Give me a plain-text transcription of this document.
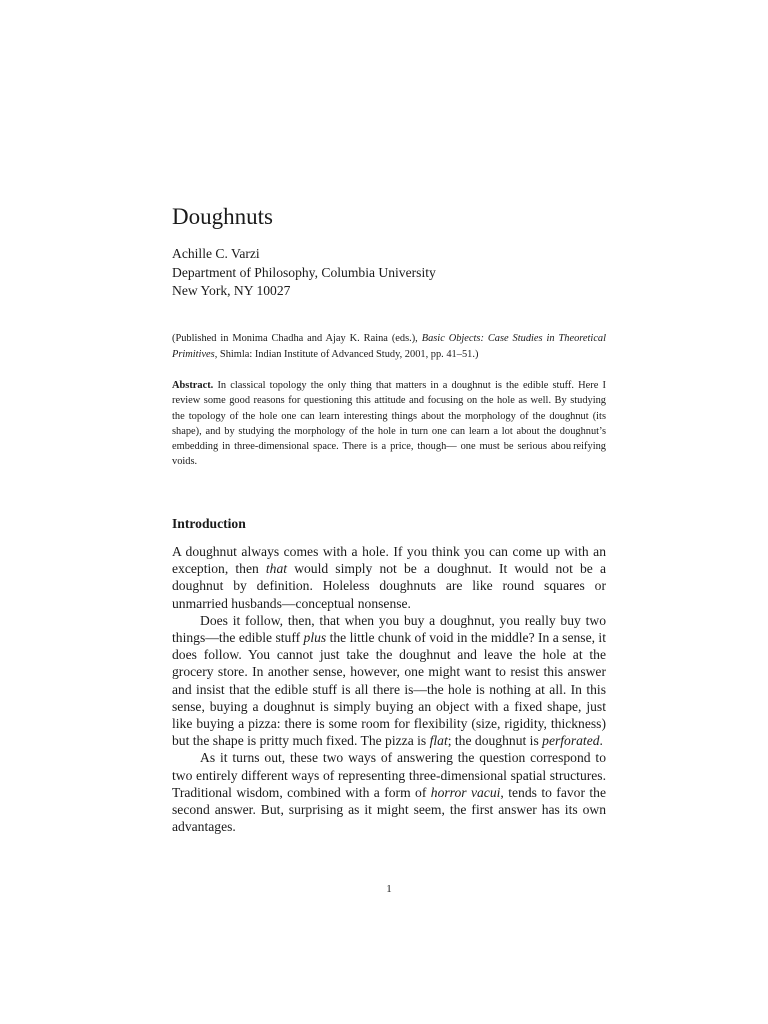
Doughnuts
Achille C. Varzi
Department of Philosophy, Columbia University
New York, NY 10027
(Published in Monima Chadha and Ajay K. Raina (eds.), Basic Objects: Case Studies in Theoretical Primitives, Shimla: Indian Institute of Advanced Study, 2001, pp. 41–51.)
Abstract. In classical topology the only thing that matters in a doughnut is the edible stuff. Here I review some good reasons for questioning this attitude and focusing on the hole as well. By studying the topology of the hole one can learn interesting things about the morphology of the doughnut (its shape), and by studying the morphology of the hole in turn one can learn a lot about the doughnut’s embedding in three-dimensional space. There is a price, though— one must be serious abou reifying voids.
Introduction

A doughnut always comes with a hole. If you think you can come up with an exception, then that would simply not be a doughnut. It would not be a doughnut by definition. Holeless doughnuts are like round squares or unmarried husbands—conceptual nonsense.

Does it follow, then, that when you buy a doughnut, you really buy two things—the edible stuff plus the little chunk of void in the middle? In a sense, it does follow. You cannot just take the doughnut and leave the hole at the grocery store. In another sense, however, one might want to resist this answer and insist that the edible stuff is all there is—the hole is nothing at all. In this sense, buying a doughnut is simply buying an object with a fixed shape, just like buying a pizza: there is some room for flexibility (size, rigidity, thickness) but the shape is pritty much fixed. The pizza is flat; the doughnut is perforated.

As it turns out, these two ways of answering the question correspond to two entirely different ways of representing three-dimensional spatial structures. Traditional wisdom, combined with a form of horror vacui, tends to favor the second answer. But, surprising as it might seem, the first answer has its own advantages.

1
